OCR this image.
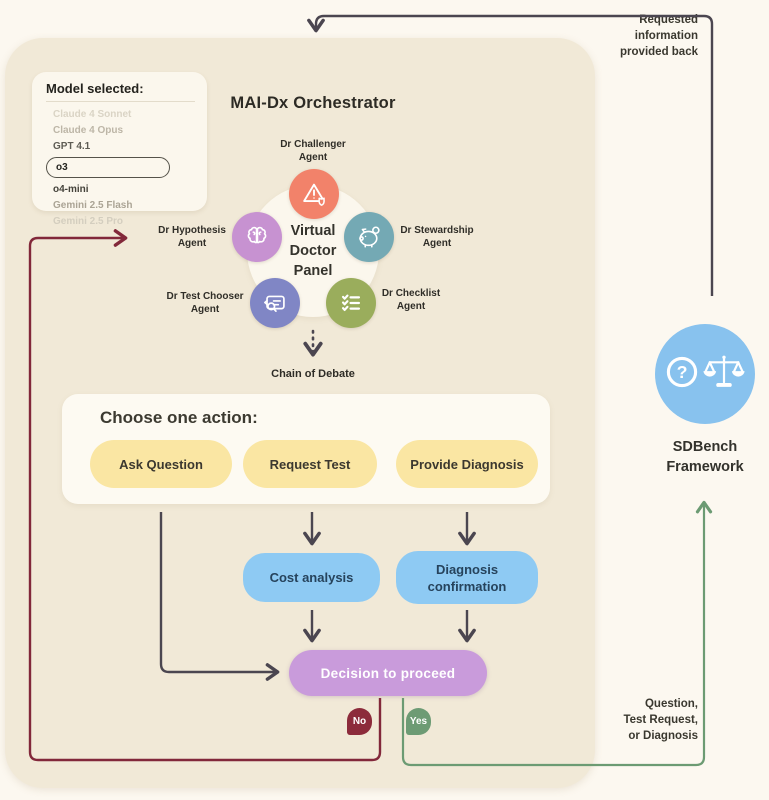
Model selected:
Claude 4 Sonnet
Claude 4 Opus
GPT 4.1
o3
o4-mini
Gemini 2.5 Flash
Gemini 2.5 Pro
MAI-Dx Orchestrator
Virtual
Doctor
Panel
Dr Challenger
Agent
Dr Hypothesis
Agent
Dr Stewardship
Agent
Dr Test Chooser
Agent
Dr Checklist
Agent
Chain of Debate
Choose one action:
Ask Question	Request Test	Provide Diagnosis
Cost analysis
Diagnosis confirmation
Decision to proceed
No	Yes
?
SDBench
Framework
Requested
information
provided back
Question,
Test Request,
or Diagnosis
